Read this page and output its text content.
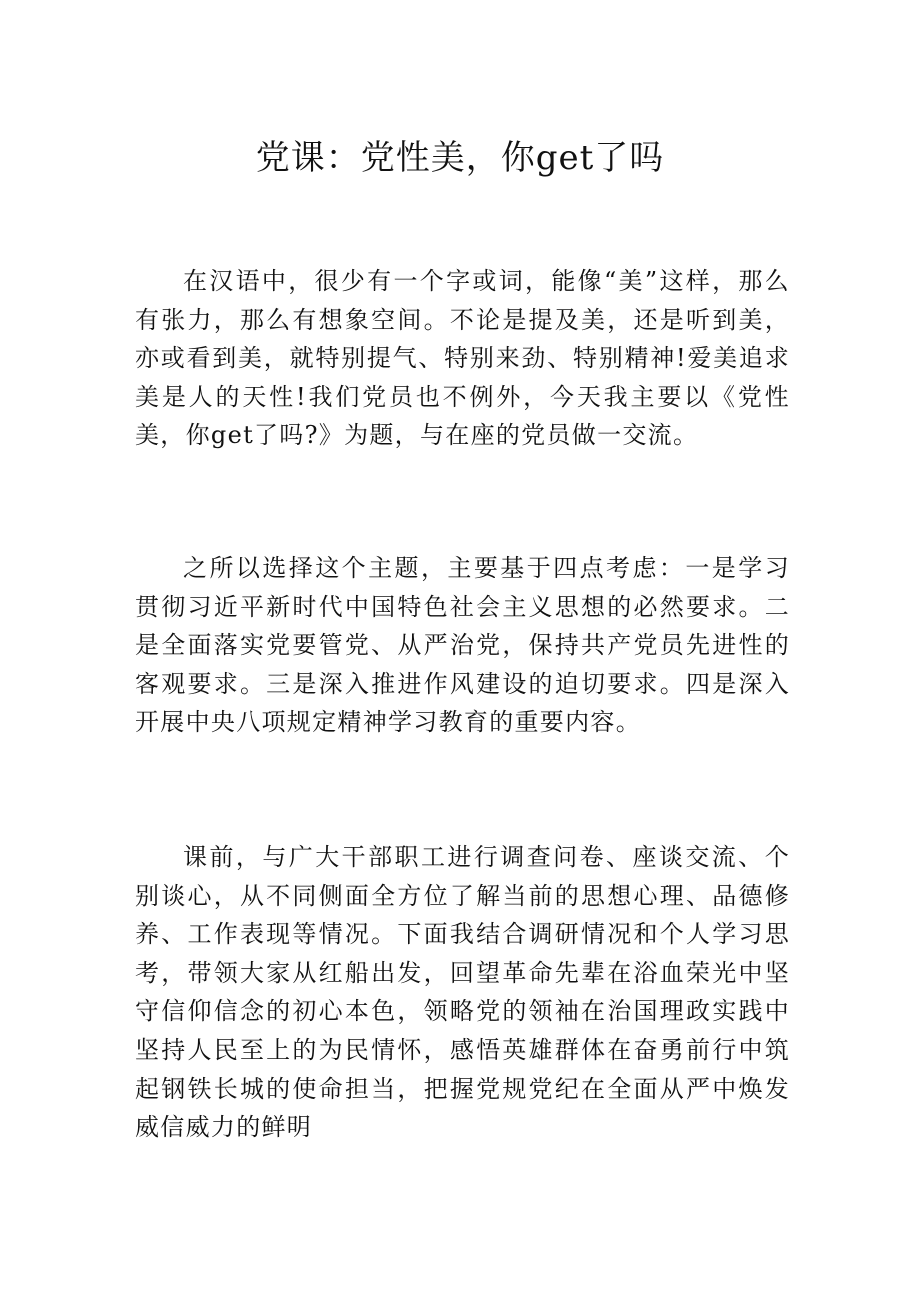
党课：党性美，你get了吗

在汉语中，很少有一个字或词，能像“美”这样，那么有张力，那么有想象空间。不论是提及美，还是听到美，亦或看到美，就特别提气、特别来劲、特别精神!爱美追求美是人的天性!我们党员也不例外，今天我主要以《党性美，你get了吗?》为题，与在座的党员做一交流。

之所以选择这个主题，主要基于四点考虑：一是学习贯彻习近平新时代中国特色社会主义思想的必然要求。二是全面落实党要管党、从严治党，保持共产党员先进性的客观要求。三是深入推进作风建设的迫切要求。四是深入开展中央八项规定精神学习教育的重要内容。

课前，与广大干部职工进行调查问卷、座谈交流、个别谈心，从不同侧面全方位了解当前的思想心理、品德修养、工作表现等情况。下面我结合调研情况和个人学习思考，带领大家从红船出发，回望革命先辈在浴血荣光中坚守信仰信念的初心本色，领略党的领袖在治国理政实践中坚持人民至上的为民情怀，感悟英雄群体在奋勇前行中筑起钢铁长城的使命担当，把握党规党纪在全面从严中焕发威信威力的鲜明
